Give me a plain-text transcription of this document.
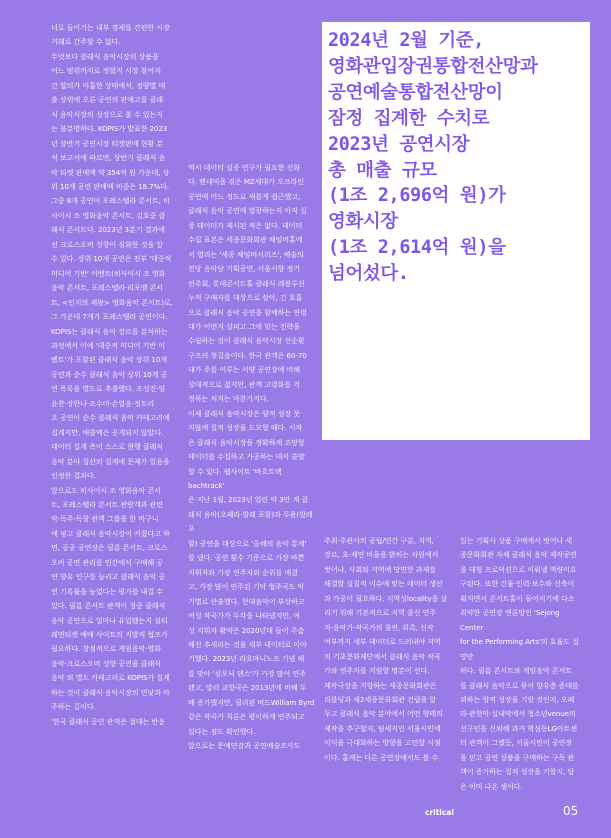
너로 들이기는 내부 경제를 간편한 시장
거래로 간주할 수 없다.
무엇보다 클래식 음악시장의 상품을
어느 범위까지로 정할지 시장 참여자
간 합의가 미흡한 상태에서, 정량별 매
출 상위에 오른 공연의 판매고를 클래
식 음악시장의 성장으로 볼 수 있는지
는 불분명하다. KOPIS가 발표한 2023
년 상반기 공연시장 티켓판매 현황 분
석 보고서에 따르면, 상반기 클래식 음
악 티켓 판매액 약 354억 원 가운데, 상
위 10개 공연 판매액 비중은 18.7%다.
그중 8개 공연이 포레스텔라 콘서트, 히
사이시 조 영화음악 콘서트, 김호중 클
래식 콘서트다. 2023년 3분기 결과에
선 크로스오버 성향이 심화한 것을 알
수 있다. 상위 10개 공연은 전부 '대중적
미디어 기반' 이벤트(히사이시 조 영화
음악 콘서트, 포레스텔라·리포엠 콘서
트, <인지의 제왕> 영화음악 콘서트)로,
그 가운데 7개가 포레스텔라 공연이다.
KOPIS는 클래식 음악 장르를 분석하는
과정에서 이에 '대중적 미디어 기반 이
벤트'가 포함된 클래식 음악 상위 10개
공연과 순수 클래식 음악 상위 10개 공
연 목록을 별도로 추출했다. 조성진·임
윤찬·장한나·조수미·손열음·정트리
오 공연이 순수 클래식 음악 카테고리에
집계지만, 매출액은 공개되지 않았다.
데이터 집계 측이 스스로 현행 클래식
음악 분야 집산의 집계에 문제가 있음을
인정한 결과다.
앞으로도 히사이시 조 영화음악 콘서
트, 포레스텔라 콘서트 관람객과 관련
악·독주·독창 관객 그룹을 한 바구니
에 넣고 클래식 음악시장이 커졌다고 하
면, 공공 공연장은 필름 콘서트, 크로스
오버 공연 관리를 민간에서 구매해 공
연 향유 인구를 늘리고 클래식 음악 공
연 기록률을 높였다는 평가를 내걸 수
있다. 필름 콘서트 관객이 청중 클래식
음악 공연으로 얼마나 유입됐는지 실티
레면티켓 예매 사이트의 지발적 협조가
필요하다. 장점적으로 게임음악·영화
음악·크로스오버 성향 공연을 클래식
음악 외 별도 카테고리로 KOPIS가 집계
하는 것이 클래식 음악시장의 민낯과 마
주하는 길이다.
'한국 클래식 공연 관객은 절대는 반응
역시 데이터 실증 연구가 필요한 신화
다. 팬데믹을 겪은 MZ세대가 오프라인
공연에 어느 정도로 새롭게 접근했고,
클래식 음악 공연에 열광하는지 아직 실
증 데이터가 제시된 적은 없다. 데이터
수집 표본은 세종문화회관 체임버홀에
서 열리는 '세종 체임버시리즈', 예술의
전당 음악당 기획공연, 서울시향 정기
연주회, 롯데콘서트홀 클래식 레볼루션
누적 구매자를 대상으로 삼아, 긴 호흡
으로 클래식 음악 공연을 함께하는 연령
대가 어떤지 살피고 그에 맞는 전략을
수립하는 것이 클래식 음악시장 선순환
구조의 첫걸음이다. 한국 관객은 60-70
대가 주를 이루는 서양 공연장에 비해
상대적으로 젊지만, 관객 고령화를 걱
정하는 처지는 마찬가지다.
이제 클래식 음악시장은 양적 성장 못
지않게 질적 성장을 도모할 때다. 시작
은 클래식 음악시장을 정확하게 조망할
데이터를 수집하고 가공하는 데서 출발
할 수 있다. 웹사이트 '바흐트랙bachtrack'
은 지난 1월, 2023년 열린 약 3만 개 클
래식 음악(오페라·발레 포함)과 무용(발레 포
함) 공연을 대상으로 '올해의 음악 통계'
를 냈다. 공연 횟수 기준으로 가장 바쁜
지휘자와 가장 연주자와 순위를 매겼
고, 가장 많이 연주된 기악 협주곡도 악
기별로 산출했다. 현대음악이 부상하고
여성 작곡가가 두각을 나타냈지만, 여
성 지휘자 활약은 2020년대 들어 주춤
해진 추세라는 것을 세부 데이터로 이야
기했다. 2023년 라흐마니노프 기념 해
를 맞아 '심포닉 댄스'가 가장 많이 연주
됐고, 말러 교향곡은 2013년에 비해 두
배 증가했지만, 필리핀 버드William Byrd
같은 작곡가 칙론은 평이하게 연주되고
있다는 점도 확인했다.
앞으로는 문예연감과 공연예술조사도
2024년 2월 기준,
영화관입장권통합전산망과
공연예술통합전산망이
잠정 집계한 수치로
2023년 공연시장
총 매출 규모
(1조 2,696억 원)가
영화시장
(1조 2,614억 원)을
넘어섰다.
주최·주관사의 공립/민간 구분, 지역,
장르, 초·재연 비율을 밝히는 차원에서
벗어나, 사회와 지역에 당면한 과제를
해결할 실질적 이슈에 맞는 데이터 생산
과 가공이 필요하다. 지역성locality을 살
리기 위해 기본적으로 지역 출신 연주
자·음악가·작곡가의 출연, 위촉, 신작
여부까지 세부 데이터로 드러내야 지역
의 기초문화재단에서 클래식 음악 작곡
가와 연주자를 지원할 명분이 선다.
제작극장을 지향하는 세종문화회관은
리블딩과 제2세종문화회관 건립을 앞
두고 클래식 음악 분야에서 어떤 형태의
제작을 추구할지, 팀세지인 서울시민에
이익을 극대화하는 방향을 고민할 시점
이다. 흡게는 다른 공연장에서도 볼 수
있는 기획사 상품 구매에서 벗어나 세
종문화회관 자체 클래식 음악 제작공연
을 대형 프로덕션으로 이뤄낼 역량이요
구된다. 또한 건물·인력·보수와 신축이
뤄지면서 콘서트홀이 들어서기에 다소
취약한 공연장 엔론망인 'Sejong Center
for the Performing Arts'의 효율도 실망만
하다. 필름 콘서트와 게임음악 콘서트
를 클래식 음악으로 묶어 향유층 증대를
꾀하는 양적 성장을 기할 것인지, 오페
라·관현악·실내악에서 청소년venue의
선구인을 신뢰해 과거 혁심동LG아트센
터 관객이 그랬듯, 서울시민이 공연장
을 믿고 공연 상품을 구매하는 구독 관
객이 증가하는 질적 성장을 기할지, 답
은 이미 나온 셈이다.
critical	05
